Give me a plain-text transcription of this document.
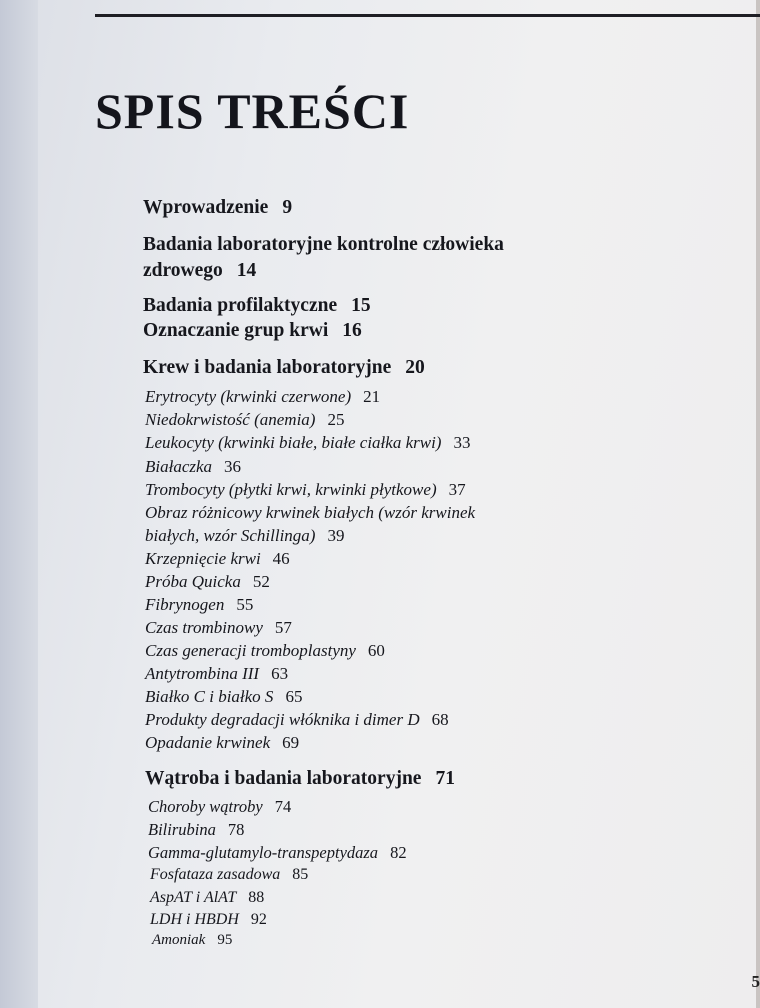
SPIS TREŚCI
Wprowadzenie 9
Badania laboratoryjne kontrolne człowieka
zdrowego 14
Badania profilaktyczne 15
Oznaczanie grup krwi 16
Krew i badania laboratoryjne 20
Erytrocyty (krwinki czerwone) 21
Niedokrwistość (anemia) 25
Leukocyty (krwinki białe, białe ciałka krwi) 33
Białaczka 36
Trombocyty (płytki krwi, krwinki płytkowe) 37
Obraz różnicowy krwinek białych (wzór krwinek
białych, wzór Schillinga) 39
Krzepnięcie krwi 46
Próba Quicka 52
Fibrynogen 55
Czas trombinowy 57
Czas generacji tromboplastyny 60
Antytrombina III 63
Białko C i białko S 65
Produkty degradacji włóknika i dimer D 68
Opadanie krwinek 69
Wątroba i badania laboratoryjne 71
Choroby wątroby 74
Bilirubina 78
Gamma-glutamylo-transpeptydaza 82
Fosfataza zasadowa 85
AspAT i AlAT 88
LDH i HBDH 92
Amoniak 95
5
